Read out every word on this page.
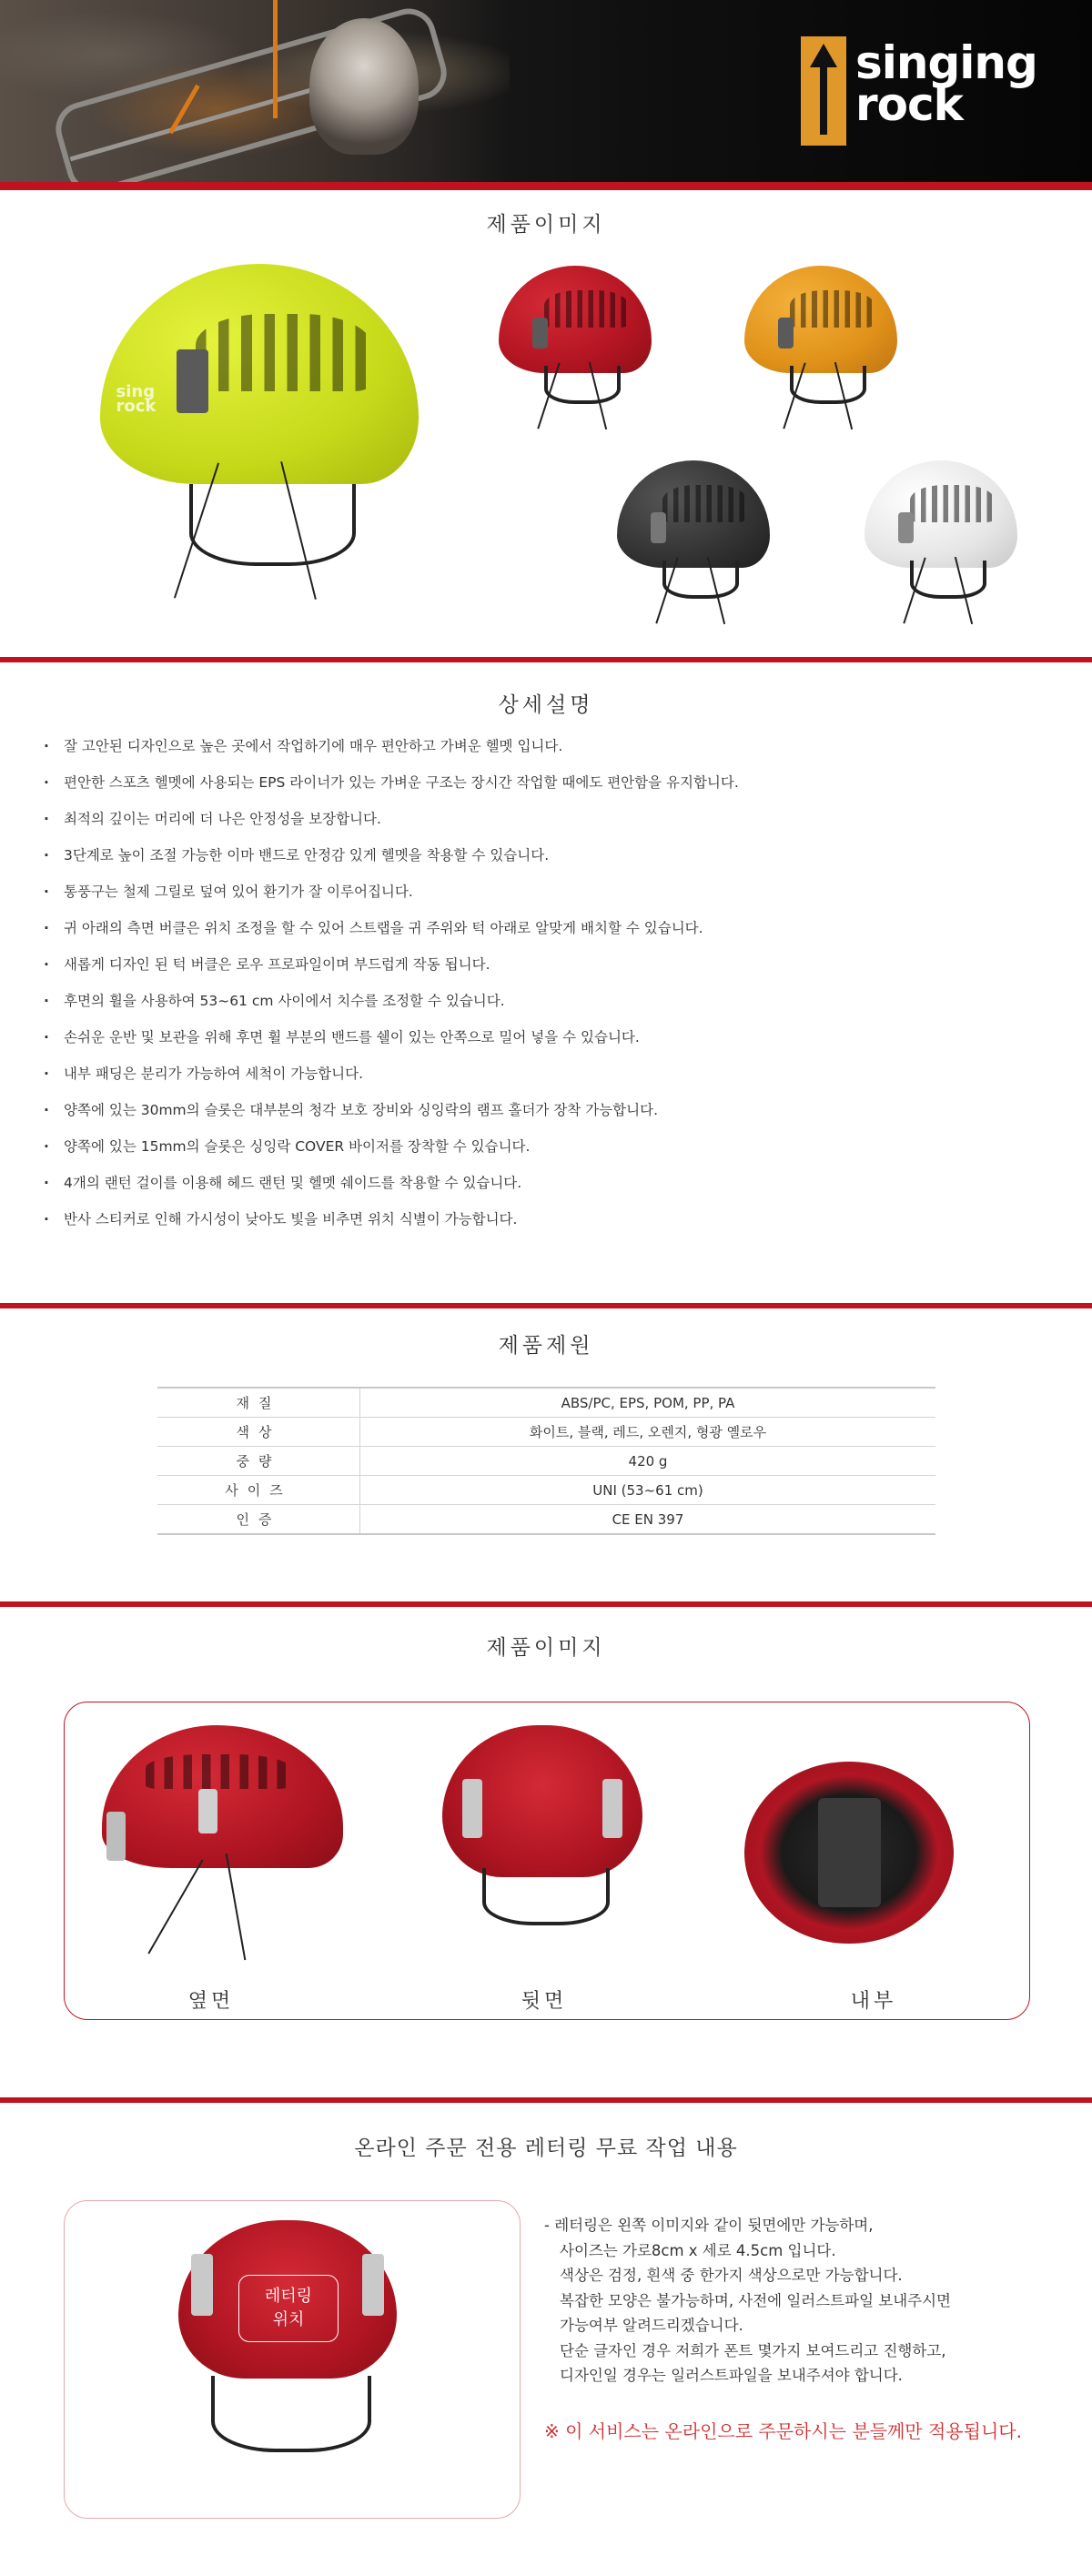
singing
rock
제품이미지
sing
rock
상세설명
· 잘 고안된 디자인으로 높은 곳에서 작업하기에 매우 편안하고 가벼운 헬멧 입니다.
· 편안한 스포츠 헬멧에 사용되는 EPS 라이너가 있는 가벼운 구조는 장시간 작업할 때에도 편안함을 유지합니다.
· 최적의 깊이는 머리에 더 나은 안정성을 보장합니다.
· 3단계로 높이 조절 가능한 이마 밴드로 안정감 있게 헬멧을 착용할 수 있습니다.
· 통풍구는 철제 그릴로 덮여 있어 환기가 잘 이루어집니다.
· 귀 아래의 측면 버클은 위치 조정을 할 수 있어 스트랩을 귀 주위와 턱 아래로 알맞게 배치할 수 있습니다.
· 새롭게 디자인 된 턱 버클은 로우 프로파일이며 부드럽게 작동 됩니다.
· 후면의 휠을 사용하여 53~61 cm 사이에서 치수를 조정할 수 있습니다.
· 손쉬운 운반 및 보관을 위해 후면 휠 부분의 밴드를 쉘이 있는 안쪽으로 밀어 넣을 수 있습니다.
· 내부 패딩은 분리가 가능하여 세척이 가능합니다.
· 양쪽에 있는 30mm의 슬롯은 대부분의 청각 보호 장비와 싱잉락의 램프 홀더가 장착 가능합니다.
· 양쪽에 있는 15mm의 슬롯은 싱잉락 COVER 바이저를 장착할 수 있습니다.
· 4개의 랜턴 걸이를 이용해 헤드 랜턴 및 헬멧 쉐이드를 착용할 수 있습니다.
· 반사 스티커로 인해 가시성이 낮아도 빛을 비추면 위치 식별이 가능합니다.
제품제원
재질	ABS/PC, EPS, POM, PP, PA
색상	화이트, 블랙, 레드, 오렌지, 형광 옐로우
중량	420 g
사이즈	UNI (53~61 cm)
인증	CE EN 397
제품이미지
옆면	뒷면	내부
온라인 주문 전용 레터링 무료 작업 내용
레터링
위치
- 레터링은 왼쪽 이미지와 같이 뒷면에만 가능하며,
사이즈는 가로8cm x 세로 4.5cm 입니다.
색상은 검정, 흰색 중 한가지 색상으로만 가능합니다.
복잡한 모양은 불가능하며, 사전에 일러스트파일 보내주시면
가능여부 알려드리겠습니다.
단순 글자인 경우 저희가 폰트 몇가지 보여드리고 진행하고,
디자인일 경우는 일러스트파일을 보내주셔야 합니다.
※ 이 서비스는 온라인으로 주문하시는 분들께만 적용됩니다.
